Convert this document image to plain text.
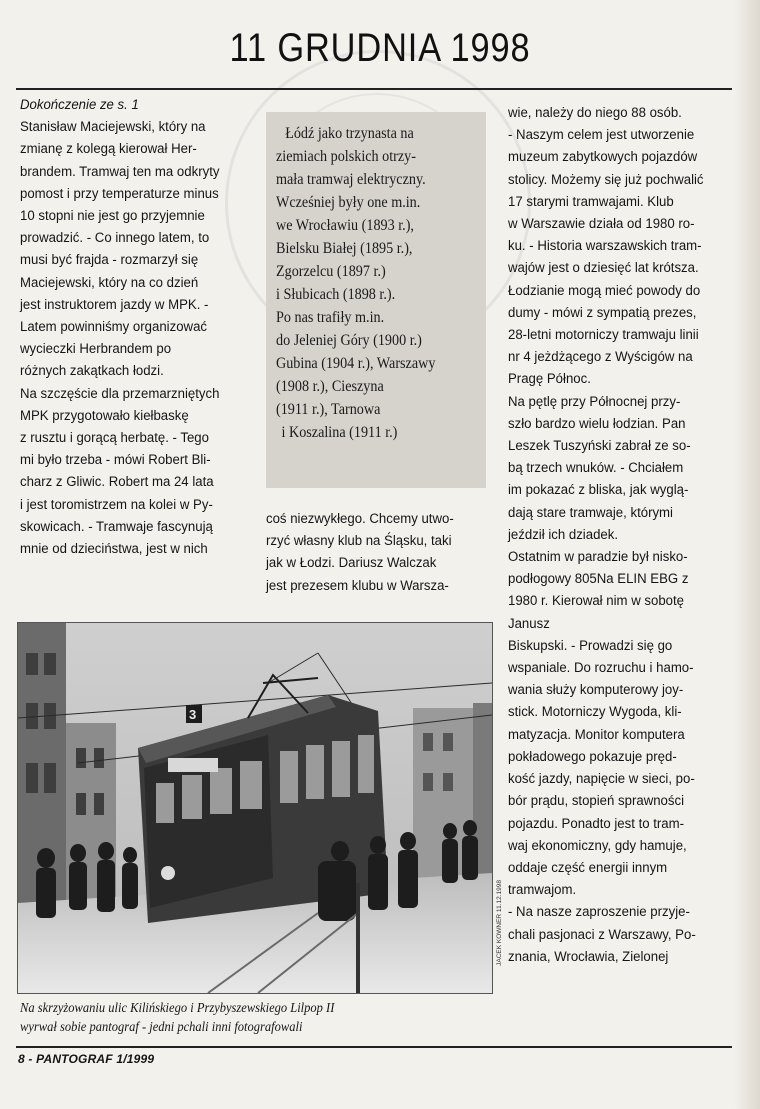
11 GRUDNIA 1998

Dokończenie ze s. 1

Stanisław Maciejewski, który na

zmianę z kolegą kierował Her-

brandem. Tramwaj ten ma odkryty

pomost i przy temperaturze minus

10 stopni nie jest go przyjemnie

prowadzić. - Co innego latem, to

musi być frajda - rozmarzył się

Maciejewski, który na co dzień

jest instruktorem jazdy w MPK. -

Latem powinniśmy organizować

wycieczki Herbrandem po

różnych zakątkach łodzi.

Na szczęście dla przemarzniętych

MPK przygotowało kiełbaskę

z rusztu i gorącą herbatę. - Tego

mi było trzeba - mówi Robert Bli-

charz z Gliwic. Robert ma 24 lata

i jest toromistrzem na kolei w Py-

skowicach. - Tramwaje fascynują

mnie od dzieciństwa, jest w nich

Łódź jako trzynasta na

ziemiach polskich otrzy-

mała tramwaj elektryczny.

Wcześniej były one m.in.

we Wrocławiu (1893 r.),

Bielsku Białej (1895 r.),

Zgorzelcu (1897 r.)

i Słubicach (1898 r.).

Po nas trafiły m.in.

do Jeleniej Góry (1900 r.)

Gubina (1904 r.), Warszawy

(1908 r.), Cieszyna

(1911 r.), Tarnowa

i Koszalina (1911 r.)

coś niezwykłego. Chcemy utwo-

rzyć własny klub na Śląsku, taki

jak w Łodzi. Dariusz Walczak

jest prezesem klubu w Warsza-

wie, należy do niego 88 osób.

- Naszym celem jest utworzenie

muzeum zabytkowych pojazdów

stolicy. Możemy się już pochwalić

17 starymi tramwajami. Klub

w Warszawie działa od 1980 ro-

ku. - Historia warszawskich tram-

wajów jest o dziesięć lat krótsza.

Łodzianie mogą mieć powody do

dumy - mówi z sympatią prezes,

28-letni motorniczy tramwaju linii

nr 4 jeżdżącego z Wyścigów na

Pragę Północ.

Na pętlę przy Północnej przy-

szło bardzo wielu łodzian. Pan

Leszek Tuszyński zabrał ze so-

bą trzech wnuków. - Chciałem

im pokazać z bliska, jak wyglą-

dają stare tramwaje, którymi

jeździł ich dziadek.

Ostatnim w paradzie był nisko-

podłogowy 805Na ELIN EBG z

1980 r. Kierował nim w sobotę

Janusz

Biskupski. - Prowadzi się go

wspaniale. Do rozruchu i hamo-

wania służy komputerowy joy-

stick. Motorniczy Wygoda, kli-

matyzacja. Monitor komputera

pokładowego pokazuje pręd-

kość jazdy, napięcie w sieci, po-

bór prądu, stopień sprawności

pojazdu. Ponadto jest to tram-

waj ekonomiczny, gdy hamuje,

oddaje część energii innym

tramwajom.

- Na nasze zaproszenie przyje-

chali pasjonaci z Warszawy, Po-

znania, Wrocławia, Zielonej

3
JACEK KOWNER 11.12.1998

Na skrzyżowaniu ulic Kilińskiego i Przybyszewskiego Lilpop II

wyrwał sobie pantograf - jedni pchali inni fotografowali

8 - PANTOGRAF 1/1999
